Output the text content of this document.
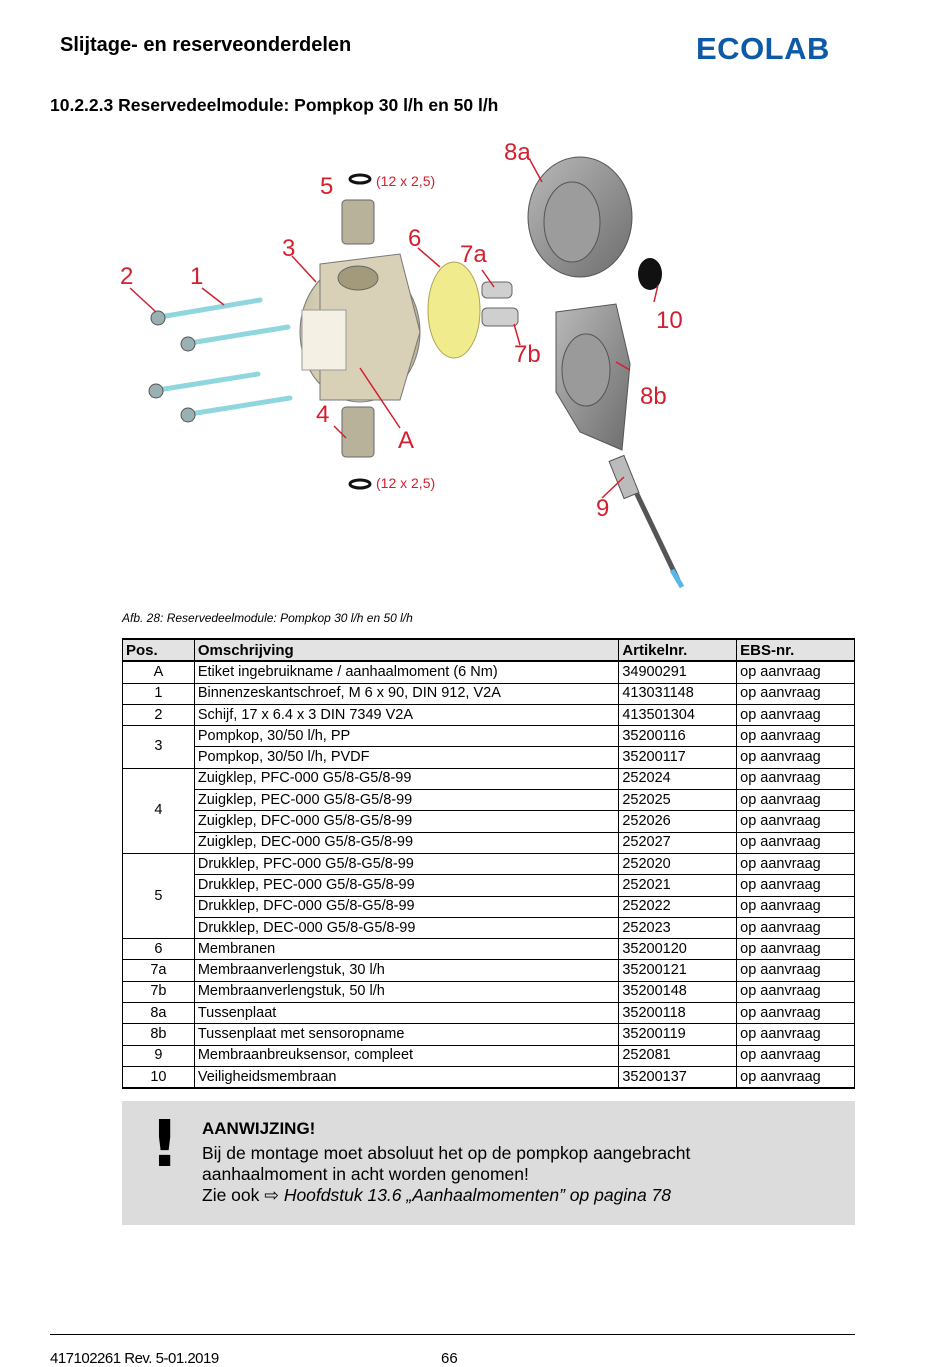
Slijtage- en reserveonderdelen	ECOLAB
10.2.2.3 Reservedeelmodule: Pompkop 30 l/h en 50 l/h
8a
5	(12 x 2,5)
3	6
7a
2 1
10
7b
8b
4
A
(12 x 2,5)
9
Afb. 28: Reservedeelmodule: Pompkop 30 l/h en 50 l/h
Pos.	Omschrijving	Artikelnr.	EBS-nr.
A	Etiket ingebruikname / aanhaalmoment (6 Nm)	34900291	op aanvraag
1	Binnenzeskantschroef, M 6 x 90, DIN 912, V2A	413031148	op aanvraag
2	Schijf, 17 x 6.4 x 3 DIN 7349 V2A	413501304	op aanvraag
3	Pompkop, 30/50 l/h, PP	35200116	op aanvraag
	Pompkop, 30/50 l/h, PVDF	35200117	op aanvraag
4	Zuigklep, PFC-000 G5/8-G5/8-99	252024	op aanvraag
	Zuigklep, PEC-000 G5/8-G5/8-99	252025	op aanvraag
	Zuigklep, DFC-000 G5/8-G5/8-99	252026	op aanvraag
	Zuigklep, DEC-000 G5/8-G5/8-99	252027	op aanvraag
5	Drukklep, PFC-000 G5/8-G5/8-99	252020	op aanvraag
	Drukklep, PEC-000 G5/8-G5/8-99	252021	op aanvraag
	Drukklep, DFC-000 G5/8-G5/8-99	252022	op aanvraag
	Drukklep, DEC-000 G5/8-G5/8-99	252023	op aanvraag
6	Membranen	35200120	op aanvraag
7a	Membraanverlengstuk, 30 l/h	35200121	op aanvraag
7b	Membraanverlengstuk, 50 l/h	35200148	op aanvraag
8a	Tussenplaat	35200118	op aanvraag
8b	Tussenplaat met sensoropname	35200119	op aanvraag
9	Membraanbreuksensor, compleet	252081	op aanvraag
10	Veiligheidsmembraan	35200137	op aanvraag
! AANWIJZING!
Bij de montage moet absoluut het op de pompkop aangebracht
aanhaalmoment in acht worden genomen!
Zie ook ⇨ Hoofdstuk 13.6 „Aanhaalmomenten” op pagina 78
417102261 Rev. 5-01.2019	66
